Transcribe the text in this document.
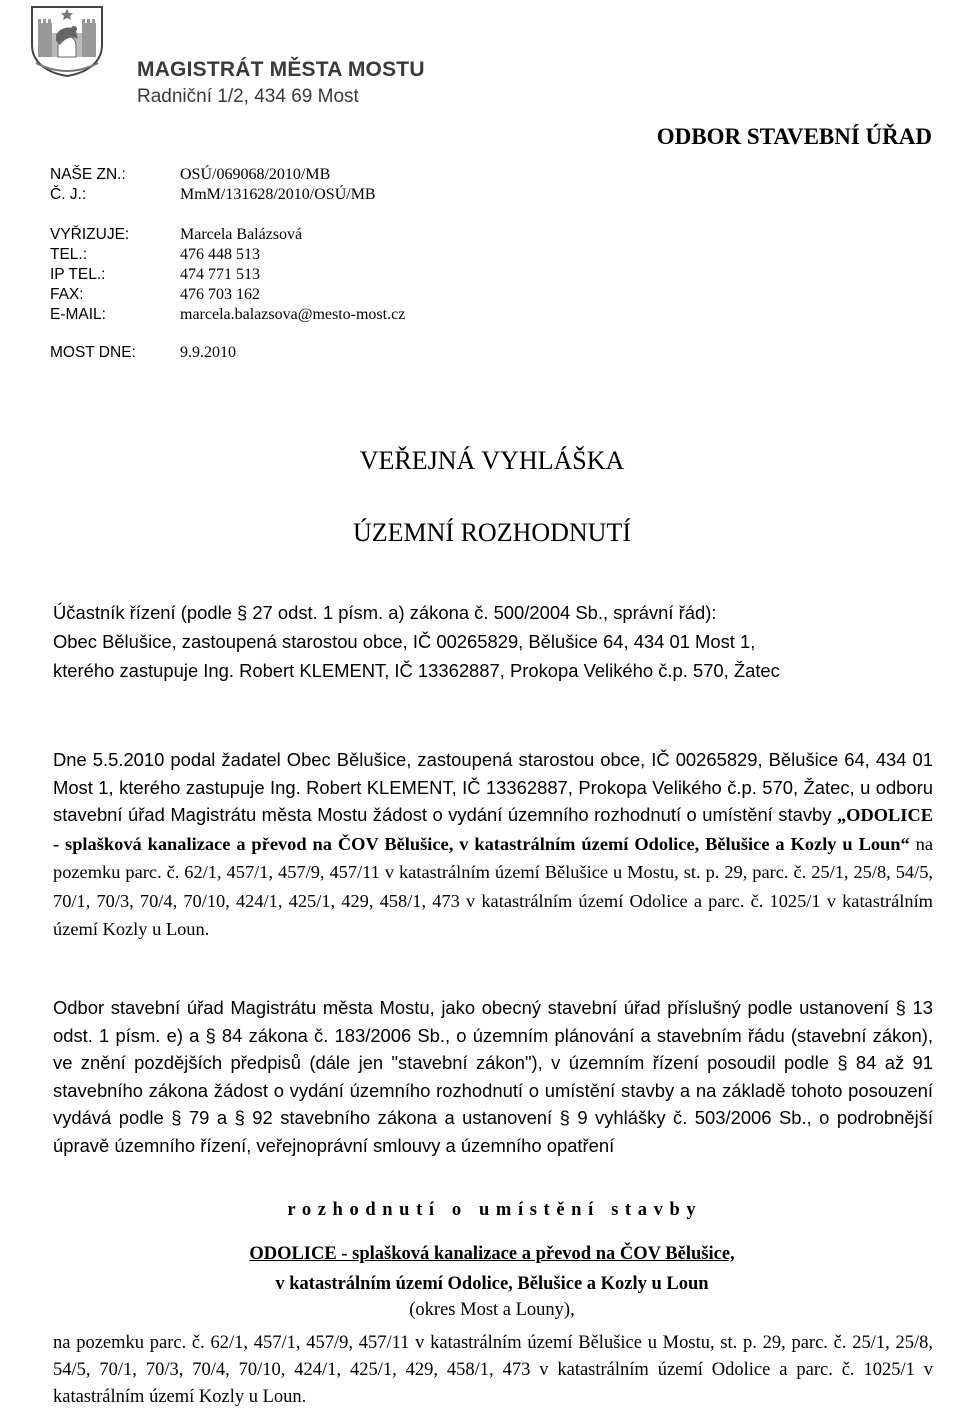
MAGISTRÁT MĚSTA MOSTU
Radniční 1/2, 434 69 Most
ODBOR STAVEBNÍ ÚŘAD
NAŠE ZN.:	OSÚ/069068/2010/MB
Č. J.:	MmM/131628/2010/OSÚ/MB
VYŘIZUJE:	Marcela Balázsová
TEL.:	476 448 513
IP TEL.:	474 771 513
FAX:	476 703 162
E-MAIL:	marcela.balazsova@mesto-most.cz
MOST DNE:	9.9.2010
VEŘEJNÁ VYHLÁŠKA
ÚZEMNÍ ROZHODNUTÍ
Účastník řízení (podle § 27 odst. 1 písm. a) zákona č. 500/2004 Sb., správní řád):
Obec Bělušice, zastoupená starostou obce, IČ 00265829, Bělušice 64, 434 01 Most 1,
kterého zastupuje Ing. Robert KLEMENT, IČ 13362887, Prokopa Velikého č.p. 570, Žatec
Dne 5.5.2010 podal žadatel Obec Bělušice, zastoupená starostou obce, IČ 00265829, Bělušice 64, 434 01 Most 1, kterého zastupuje Ing. Robert KLEMENT, IČ 13362887, Prokopa Velikého č.p. 570, Žatec, u odboru stavební úřad Magistrátu města Mostu žádost o vydání územního rozhodnutí o umístění stavby „ODOLICE - splašková kanalizace a převod na ČOV Bělušice, v katastrálním území Odolice, Bělušice a Kozly u Loun“ na pozemku parc. č. 62/1, 457/1, 457/9, 457/11 v katastrálním území Bělušice u Mostu, st. p. 29, parc. č. 25/1, 25/8, 54/5, 70/1, 70/3, 70/4, 70/10, 424/1, 425/1, 429, 458/1, 473 v katastrálním území Odolice a parc. č. 1025/1 v katastrálním území Kozly u Loun.
Odbor stavební úřad Magistrátu města Mostu, jako obecný stavební úřad příslušný podle ustanovení § 13 odst. 1 písm. e) a § 84 zákona č. 183/2006 Sb., o územním plánování a stavebním řádu (stavební zákon), ve znění pozdějších předpisů (dále jen "stavební zákon"), v územním řízení posoudil podle § 84 až 91 stavebního zákona žádost o vydání územního rozhodnutí o umístění stavby a na základě tohoto posouzení vydává podle § 79 a § 92 stavebního zákona a ustanovení § 9 vyhlášky č. 503/2006 Sb., o podrobnější úpravě územního řízení, veřejnoprávní smlouvy a územního opatření
r o z h o d n u t í   o   u m í s t ě n í   s t a v b y
ODOLICE - splašková kanalizace a převod na ČOV Bělušice,
v katastrálním území Odolice, Bělušice a Kozly u Loun
(okres Most a Louny),
na pozemku parc. č. 62/1, 457/1, 457/9, 457/11 v katastrálním území Bělušice u Mostu, st. p. 29, parc. č. 25/1, 25/8, 54/5, 70/1, 70/3, 70/4, 70/10, 424/1, 425/1, 429, 458/1, 473 v katastrálním území Odolice a parc. č. 1025/1 v katastrálním území Kozly u Loun.
